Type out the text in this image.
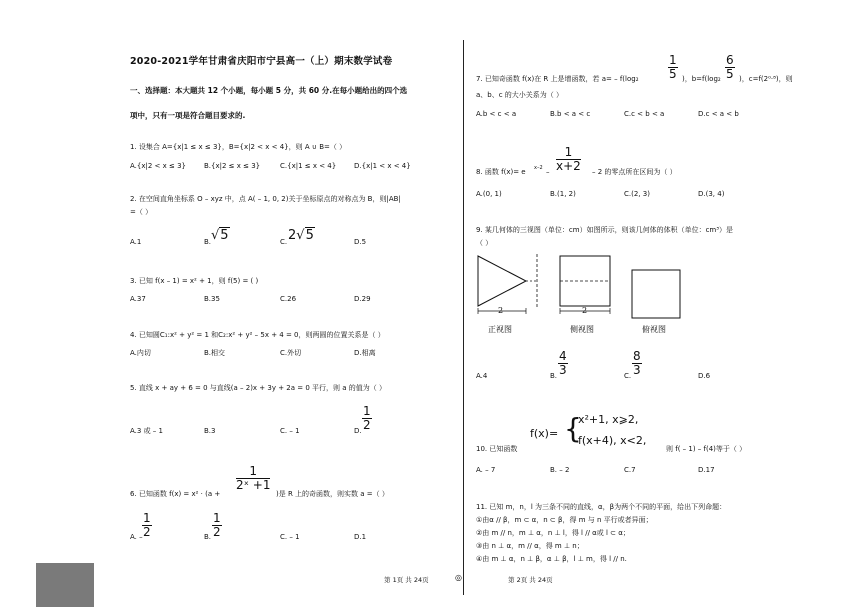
2020-2021学年甘肃省庆阳市宁县高一（上）期末数学试卷
一、选择题：本大题共 12 个小题，每小题 5 分，共 60 分.在每小题给出的四个选
项中，只有一项是符合题目要求的.
1. 设集合 A={x|1 ≤ x ≤ 3}，B={x|2 < x < 4}，则 A ∪ B=（ ）
A.{x|2 < x ≤ 3}	B.{x|2 ≤ x ≤ 3}	C.{x|1 ≤ x < 4}	D.{x|1 < x < 4}
2. 在空间直角坐标系 O – xyz 中，点 A( – 1, 0, 2)关于坐标原点的对称点为 B，则|AB|
=（ ）
A.1	B. √5	C. 2√5	D.5
3. 已知 f(x – 1) = x² + 1，则 f(5) = ( )
A.37	B.35	C.26	D.29
4. 已知圆C₁:x² + y² = 1 和C₂:x² + y² – 5x + 4 = 0，则两圆的位置关系是（ ）
A.内切	B.相交	C.外切	D.相离
5. 直线 x + ay + 6 = 0 与直线(a – 2)x + 3y + 2a = 0 平行，则 a 的值为（ ）
A.3 或 – 1	B.3	C. – 1	D. $\frac{1}{2}$
6. 已知函数 f(x) = x² · (a +
$\frac{1}{\text{2ˣ +1}}$
)是 R 上的奇函数，则实数 a =（ ）
A. – $\frac{1}{2}$	B. $\frac{1}{2}$	C. – 1	D.1
7. 已知奇函数 f(x)在 R 上是增函数，若 $a= - f(\log_2 \frac{1}{5}$ )，$b=f(\log_2 \frac{6}{5}$ )，c=f(2⁰·⁸)，则
a、b、c 的大小关系为（ ）
A.b < c < a	B.b < a < c	C.c < b < a	D.c < a < b
8. 函数 f(x)= e $x-2 - \frac{1}{x+2} - 2$ 的零点所在区间为（ ）
A.(0, 1)	B.(1, 2)	C.(2, 3)	D.(3, 4)
9. 某几何体的三视图（单位：cm）如图所示，则该几何体的体积（单位：cm³）是
（ ）
2	2
正视图	侧视图	俯视图
A.4	B. $\frac{4}{3}$	C. $\frac{8}{3}$	D.6
10. 已知函数
f(x)= {
x²+1, x⩾2,
f(x+4), x<2,
则 f( – 1) – f(4)等于（ ）
A. – 7	B. – 2	C.7	D.17
11. 已知 m，n，l 为三条不同的直线，α，β为两个不同的平面，给出下列命题：
①由α // β，m ⊂ α，n ⊂ β，得 m 与 n 平行或者异面；
②由 m // n，m ⊥ α，n ⊥ l，得 l // α或 l ⊂ α；
③由 n ⊥ α，m // α，得 m ⊥ n；
④由 m ⊥ α，n ⊥ β，α ⊥ β，l ⊥ m，得 l // n.
第 1页 共 24页	◎	第 2页 共 24页
